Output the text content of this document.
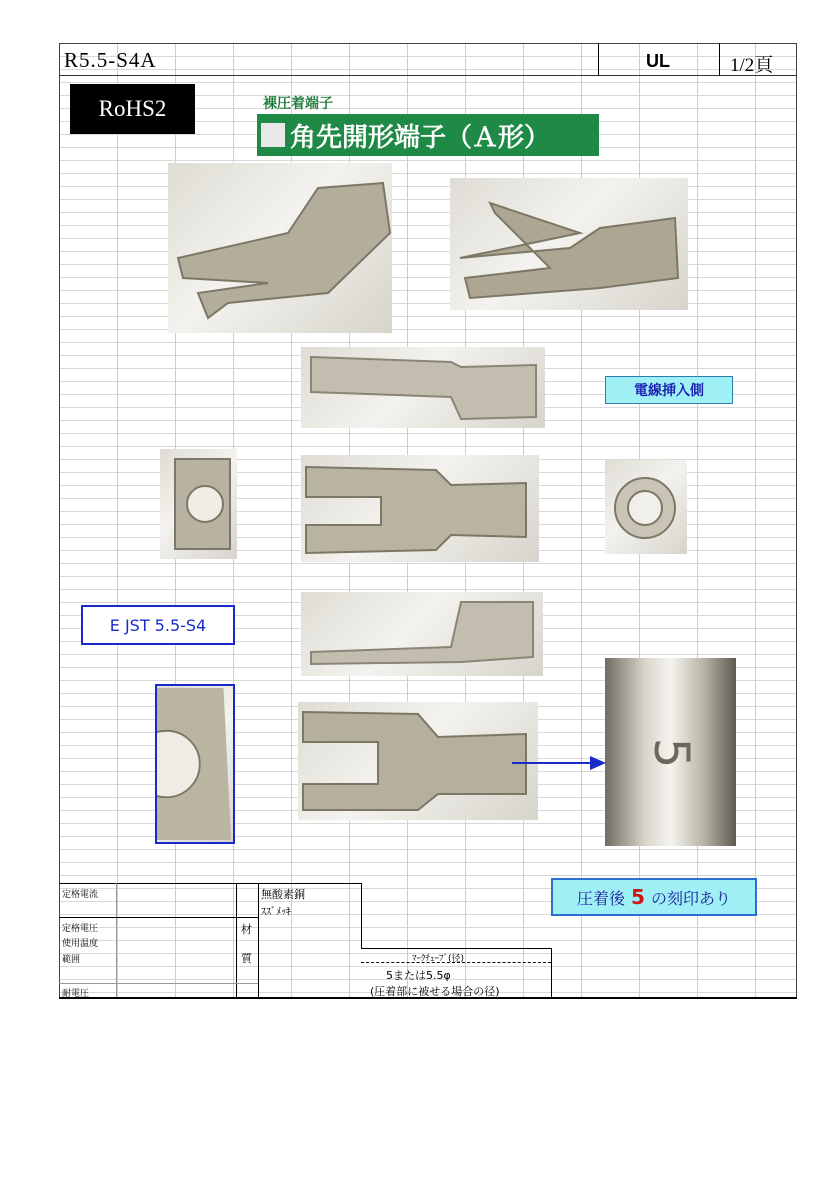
R5.5-S4A	UL	1/2頁
RoHS2	裸圧着端子
角先開形端子（Ａ形）
5
電線挿入側
E JST 5.5-S4
圧着後 5 の刻印あり
定格電流
定格電圧
使用温度
範囲
耐電圧
材
質
無酸素銅
ｽｽﾞﾒｯｷ
ﾏｰｸﾁｭｰﾌﾞ(径)
5または5.5φ
(圧着部に被せる場合の径)
